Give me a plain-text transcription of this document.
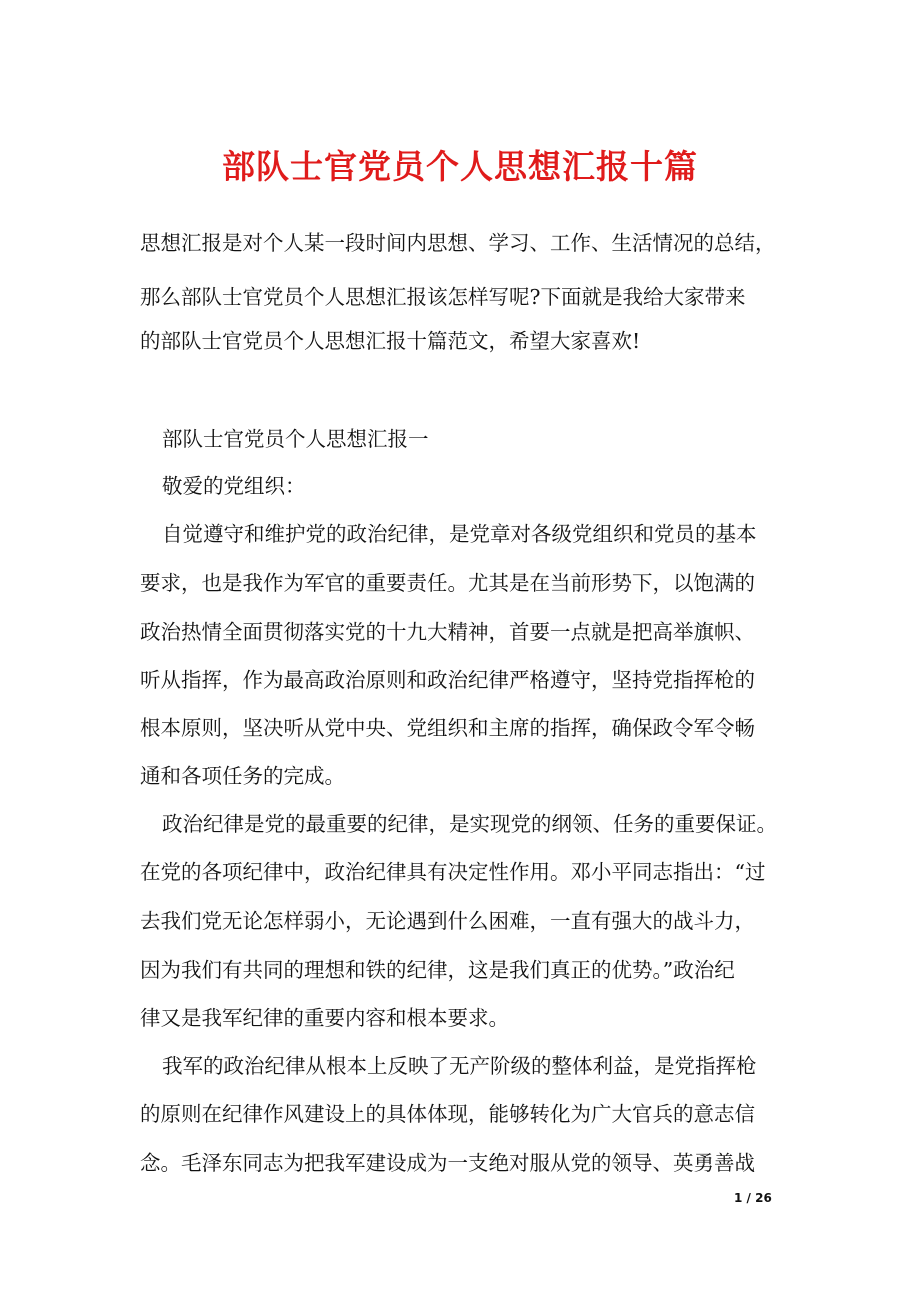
部队士官党员个人思想汇报十篇

思想汇报是对个人某一段时间内思想、学习、工作、生活情况的总结，

那么部队士官党员个人思想汇报该怎样写呢?下面就是我给大家带来

的部队士官党员个人思想汇报十篇范文，希望大家喜欢!

部队士官党员个人思想汇报一

敬爱的党组织：

自觉遵守和维护党的政治纪律，是党章对各级党组织和党员的基本

要求，也是我作为军官的重要责任。尤其是在当前形势下，以饱满的

政治热情全面贯彻落实党的十九大精神，首要一点就是把高举旗帜、

听从指挥，作为最高政治原则和政治纪律严格遵守，坚持党指挥枪的

根本原则，坚决听从党中央、党组织和主席的指挥，确保政令军令畅

通和各项任务的完成。

政治纪律是党的最重要的纪律，是实现党的纲领、任务的重要保证。

在党的各项纪律中，政治纪律具有决定性作用。邓小平同志指出：“过

去我们党无论怎样弱小，无论遇到什么困难，一直有强大的战斗力，

因为我们有共同的理想和铁的纪律，这是我们真正的优势。”政治纪

律又是我军纪律的重要内容和根本要求。

我军的政治纪律从根本上反映了无产阶级的整体利益，是党指挥枪

的原则在纪律作风建设上的具体体现，能够转化为广大官兵的意志信

念。毛泽东同志为把我军建设成为一支绝对服从党的领导、英勇善战

1 / 26
